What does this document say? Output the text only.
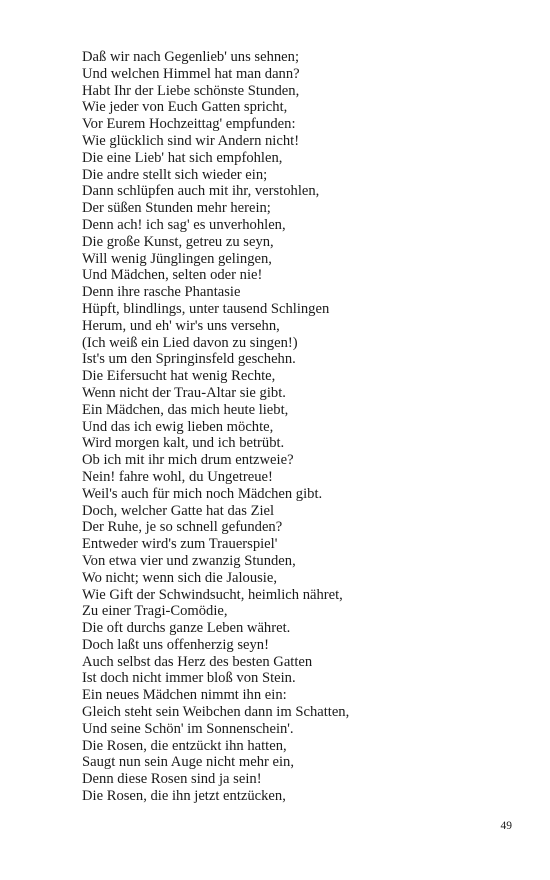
Daß wir nach Gegenlieb' uns sehnen;
Und welchen Himmel hat man dann?
Habt Ihr der Liebe schönste Stunden,
Wie jeder von Euch Gatten spricht,
Vor Eurem Hochzeittag' empfunden:
Wie glücklich sind wir Andern nicht!
Die eine Lieb' hat sich empfohlen,
Die andre stellt sich wieder ein;
Dann schlüpfen auch mit ihr, verstohlen,
Der süßen Stunden mehr herein;
Denn ach! ich sag' es unverhohlen,
Die große Kunst, getreu zu seyn,
Will wenig Jünglingen gelingen,
Und Mädchen, selten oder nie!
Denn ihre rasche Phantasie
Hüpft, blindlings, unter tausend Schlingen
Herum, und eh' wir's uns versehn,
(Ich weiß ein Lied davon zu singen!)
Ist's um den Springinsfeld geschehn.
Die Eifersucht hat wenig Rechte,
Wenn nicht der Trau-Altar sie gibt.
Ein Mädchen, das mich heute liebt,
Und das ich ewig lieben möchte,
Wird morgen kalt, und ich betrübt.
Ob ich mit ihr mich drum entzweie?
Nein! fahre wohl, du Ungetreue!
Weil's auch für mich noch Mädchen gibt.
Doch, welcher Gatte hat das Ziel
Der Ruhe, je so schnell gefunden?
Entweder wird's zum Trauerspiel'
Von etwa vier und zwanzig Stunden,
Wo nicht; wenn sich die Jalousie,
Wie Gift der Schwindsucht, heimlich nähret,
Zu einer Tragi-Comödie,
Die oft durchs ganze Leben währet.
Doch laßt uns offenherzig seyn!
Auch selbst das Herz des besten Gatten
Ist doch nicht immer bloß von Stein.
Ein neues Mädchen nimmt ihn ein:
Gleich steht sein Weibchen dann im Schatten,
Und seine Schön' im Sonnenschein'.
Die Rosen, die entzückt ihn hatten,
Saugt nun sein Auge nicht mehr ein,
Denn diese Rosen sind ja sein!
Die Rosen, die ihn jetzt entzücken,
49
